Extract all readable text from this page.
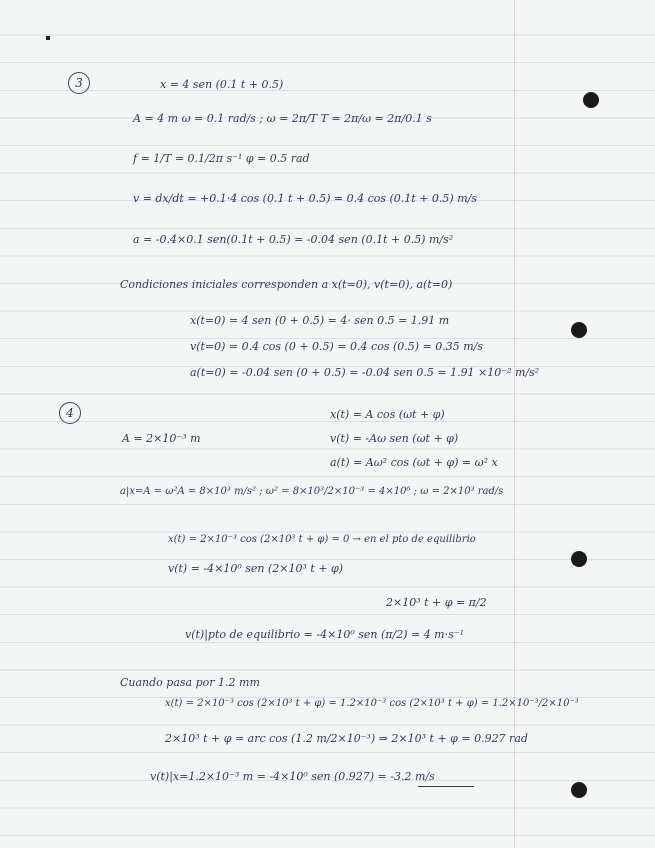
3	x = 4 sen (0.1 t + 0.5)
A = 4 m ω = 0.1 rad/s ; ω = 2π/T T = 2π/ω = 2π/0.1 s
f = 1/T = 0.1/2π s⁻¹ φ = 0.5 rad
v = dx/dt = +0.1·4 cos (0.1 t + 0.5) = 0.4 cos (0.1t + 0.5) m/s
a = -0.4×0.1 sen(0.1t + 0.5) = -0.04 sen (0.1t + 0.5) m/s²
Condiciones iniciales corresponden a x(t=0), v(t=0), a(t=0)
x(t=0) = 4 sen (0 + 0.5) = 4· sen 0.5 = 1.91 m
v(t=0) = 0.4 cos (0 + 0.5) = 0.4 cos (0.5) = 0.35 m/s
a(t=0) = -0.04 sen (0 + 0.5) = -0.04 sen 0.5 = 1.91 ×10⁻² m/s²
4	x(t) = A cos (ωt + φ)
A = 2×10⁻³ m	v(t) = -Aω sen (ωt + φ)
a(t) = Aω² cos (ωt + φ) = ω² x
a|x=A = ω²A = 8×10³ m/s² ; ω² = 8×10³/2×10⁻³ = 4×10⁶ ; ω = 2×10³ rad/s
x(t) = 2×10⁻³ cos (2×10³ t + φ) = 0 → en el pto de equilibrio
v(t) = -4×10⁰ sen (2×10³ t + φ)
2×10³ t + φ = π/2
v(t)|pto de equilibrio = -4×10⁰ sen (π/2) = 4 m·s⁻¹
Cuando pasa por 1.2 mm
x(t) = 2×10⁻³ cos (2×10³ t + φ) = 1.2×10⁻³ cos (2×10³ t + φ) = 1.2×10⁻³/2×10⁻³
2×10³ t + φ = arc cos (1.2 m/2×10⁻³) ⇒ 2×10³ t + φ = 0.927 rad
v(t)|x=1.2×10⁻³ m = -4×10⁰ sen (0.927) = -3.2 m/s
